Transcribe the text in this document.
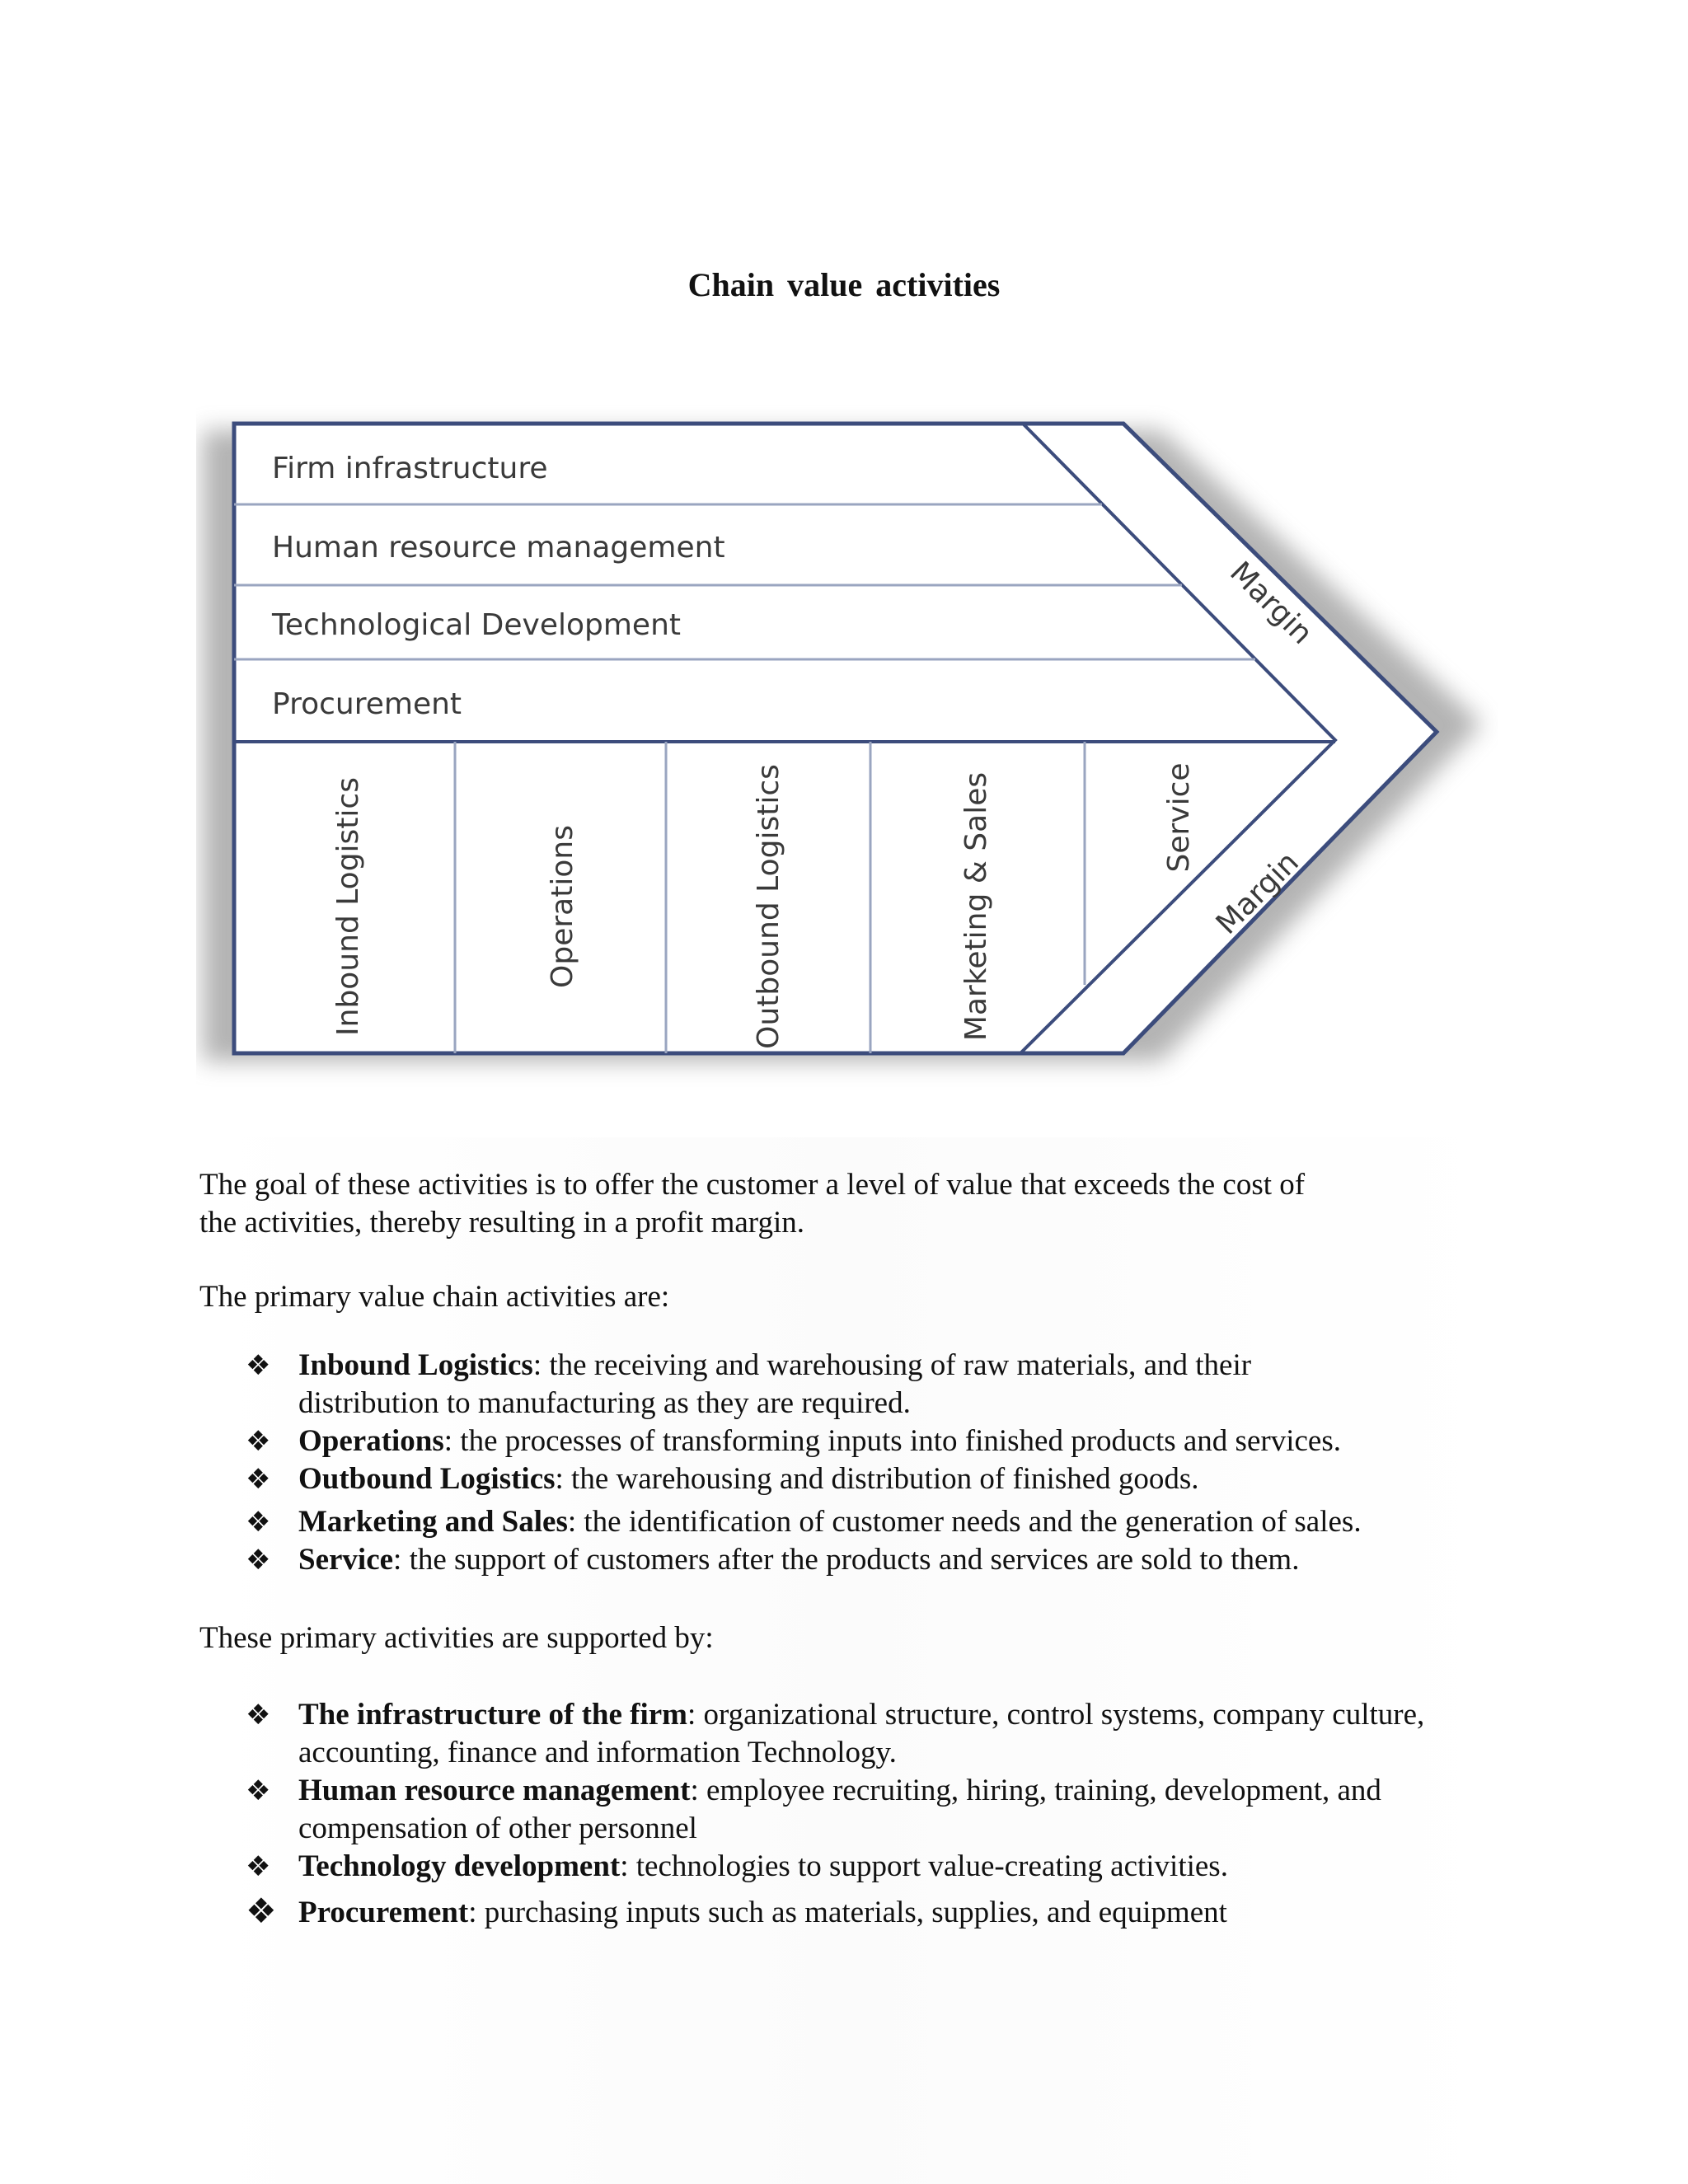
Chain value activities
Firm infrastructure
Human resource management
Technological Development
Procurement
Inbound Logistics	Operations	Outbound Logistics	Marketing & Sales	Service
Margin
Margin

The goal of these activities is to offer the customer a level of value that exceeds the cost of the activities, thereby resulting in a profit margin.

The primary value chain activities are:

❖ Inbound Logistics: the receiving and warehousing of raw materials, and their distribution to manufacturing as they are required.
❖ Operations: the processes of transforming inputs into finished products and services.
❖ Outbound Logistics: the warehousing and distribution of finished goods.
❖ Marketing and Sales: the identification of customer needs and the generation of sales.
❖ Service: the support of customers after the products and services are sold to them.

These primary activities are supported by:

❖ The infrastructure of the firm: organizational structure, control systems, company culture, accounting, finance and information Technology.
❖ Human resource management: employee recruiting, hiring, training, development, and compensation of other personnel
❖ Technology development: technologies to support value-creating activities.
❖ Procurement: purchasing inputs such as materials, supplies, and equipment
